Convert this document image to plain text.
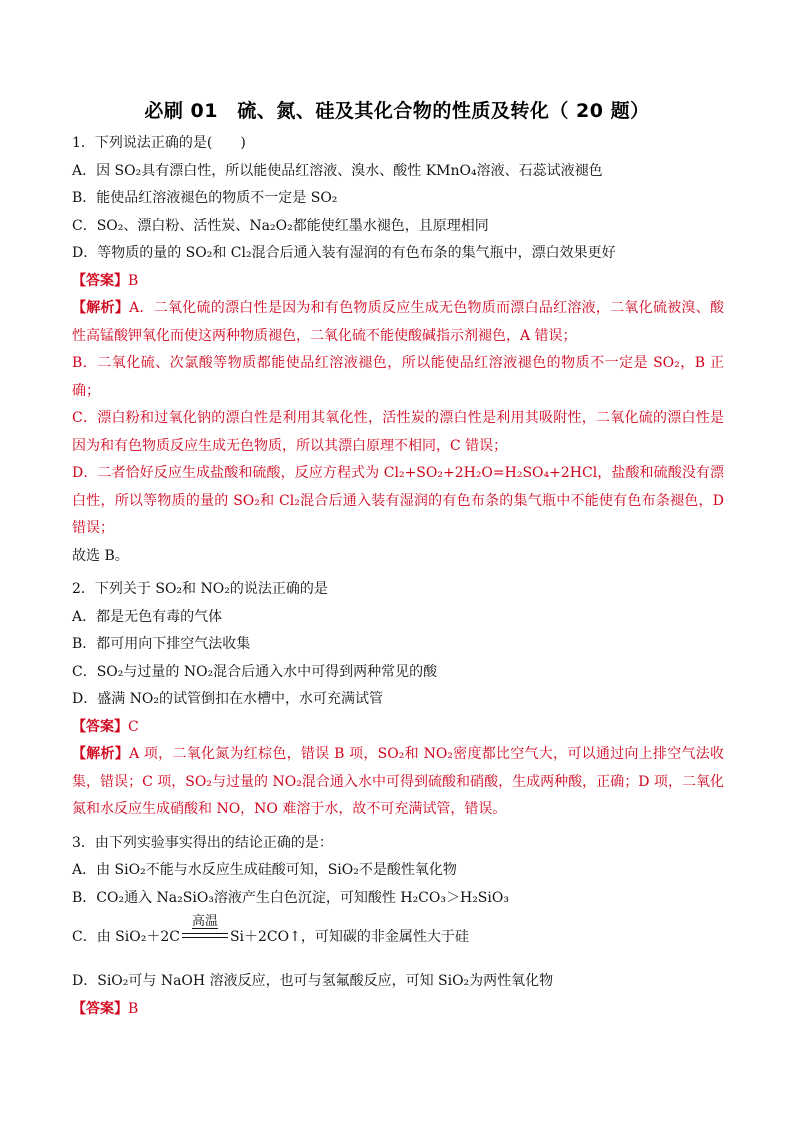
必刷 01　硫、氮、硅及其化合物的性质及转化（ 20 题）
1．下列说法正确的是(　　)
A．因 SO₂具有漂白性，所以能使品红溶液、溴水、酸性 KMnO₄溶液、石蕊试液褪色
B．能使品红溶液褪色的物质不一定是 SO₂
C．SO₂、漂白粉、活性炭、Na₂O₂都能使红墨水褪色，且原理相同
D．等物质的量的 SO₂和 Cl₂混合后通入装有湿润的有色布条的集气瓶中，漂白效果更好
【答案】B
【解析】A．二氧化硫的漂白性是因为和有色物质反应生成无色物质而漂白品红溶液，二氧化硫被溴、酸性高锰酸钾氧化而使这两种物质褪色，二氧化硫不能使酸碱指示剂褪色，A 错误；
B．二氧化硫、次氯酸等物质都能使品红溶液褪色，所以能使品红溶液褪色的物质不一定是 SO₂，B 正确；
C．漂白粉和过氧化钠的漂白性是利用其氧化性，活性炭的漂白性是利用其吸附性，二氧化硫的漂白性是因为和有色物质反应生成无色物质，所以其漂白原理不相同，C 错误；
D．二者恰好反应生成盐酸和硫酸，反应方程式为 Cl₂+SO₂+2H₂O=H₂SO₄+2HCl，盐酸和硫酸没有漂白性，所以等物质的量的 SO₂和 Cl₂混合后通入装有湿润的有色布条的集气瓶中不能使有色布条褪色，D 错误；
故选 B。
2．下列关于 SO₂和 NO₂的说法正确的是
A．都是无色有毒的气体
B．都可用向下排空气法收集
C．SO₂与过量的 NO₂混合后通入水中可得到两种常见的酸
D．盛满 NO₂的试管倒扣在水槽中，水可充满试管
【答案】C
【解析】A 项，二氧化氮为红棕色，错误 B 项，SO₂和 NO₂密度都比空气大，可以通过向上排空气法收集，错误；C 项，SO₂与过量的 NO₂混合通入水中可得到硫酸和硝酸，生成两种酸，正确；D 项，二氧化氮和水反应生成硝酸和 NO，NO 难溶于水，故不可充满试管，错误。
3．由下列实验事实得出的结论正确的是：
A．由 SiO₂不能与水反应生成硅酸可知，SiO₂不是酸性氧化物
B．CO₂通入 Na₂SiO₃溶液产生白色沉淀，可知酸性 H₂CO₃＞H₂SiO₃
C．由 SiO₂＋2C
高温
Si＋2CO↑，可知碳的非金属性大于硅
D．SiO₂可与 NaOH 溶液反应，也可与氢氟酸反应，可知 SiO₂为两性氧化物
【答案】B
